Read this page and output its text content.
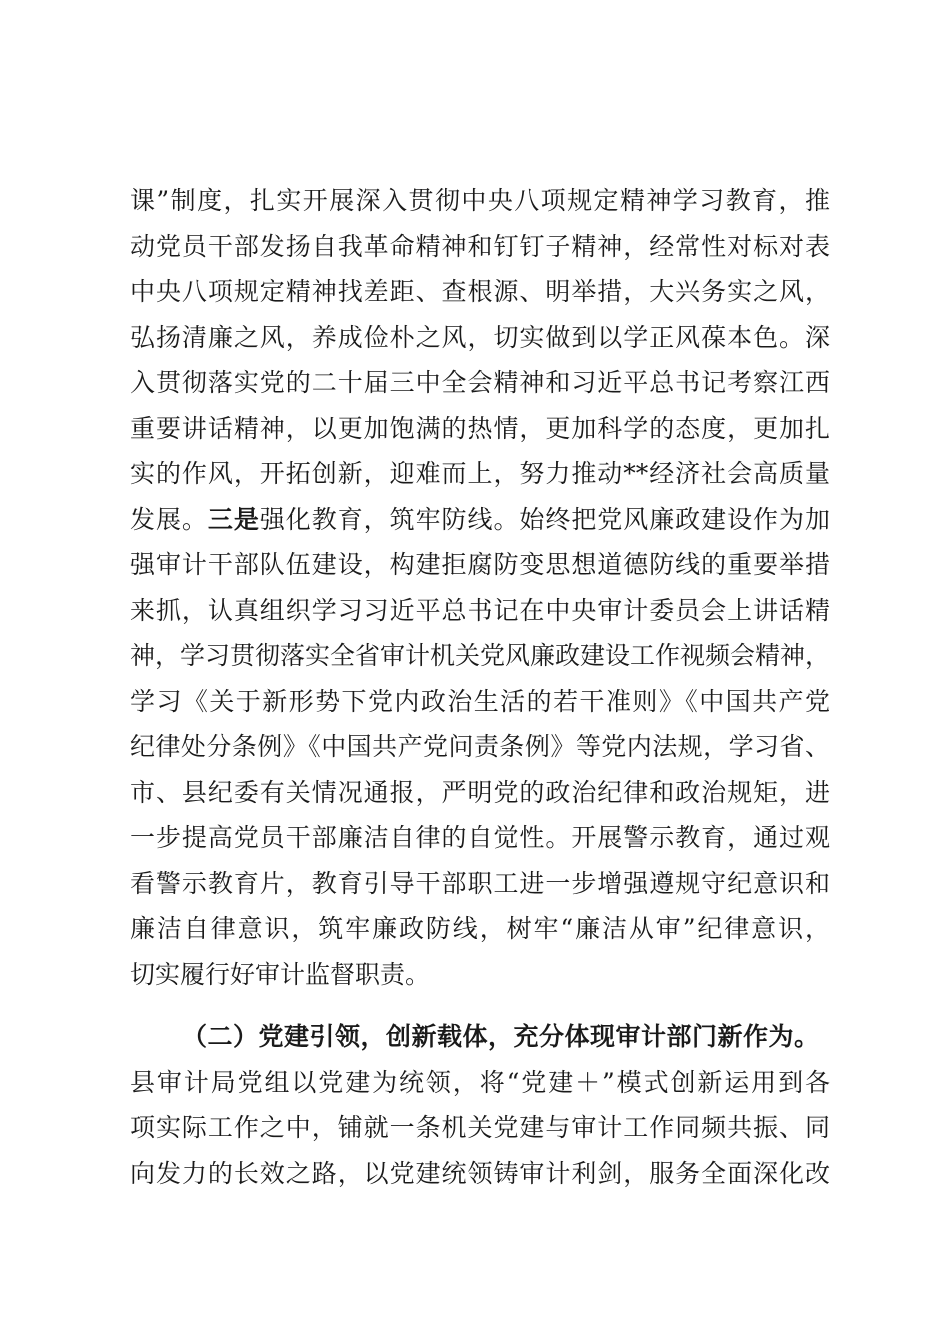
课”制度，扎实开展深入贯彻中央八项规定精神学习教育，推
动党员干部发扬自我革命精神和钉钉子精神，经常性对标对表
中央八项规定精神找差距、查根源、明举措，大兴务实之风，
弘扬清廉之风，养成俭朴之风，切实做到以学正风葆本色。深
入贯彻落实党的二十届三中全会精神和习近平总书记考察江西
重要讲话精神，以更加饱满的热情，更加科学的态度，更加扎
实的作风，开拓创新，迎难而上，努力推动**经济社会高质量
发展。三是强化教育，筑牢防线。始终把党风廉政建设作为加
强审计干部队伍建设，构建拒腐防变思想道德防线的重要举措
来抓，认真组织学习习近平总书记在中央审计委员会上讲话精
神，学习贯彻落实全省审计机关党风廉政建设工作视频会精神，
学习《关于新形势下党内政治生活的若干准则》《中国共产党
纪律处分条例》《中国共产党问责条例》等党内法规，学习省、
市、县纪委有关情况通报，严明党的政治纪律和政治规矩，进
一步提高党员干部廉洁自律的自觉性。开展警示教育，通过观
看警示教育片，教育引导干部职工进一步增强遵规守纪意识和
廉洁自律意识，筑牢廉政防线，树牢“廉洁从审”纪律意识，
切实履行好审计监督职责。
（二）党建引领，创新载体，充分体现审计部门新作为。
县审计局党组以党建为统领，将“党建＋”模式创新运用到各
项实际工作之中，铺就一条机关党建与审计工作同频共振、同
向发力的长效之路，以党建统领铸审计利剑，服务全面深化改
